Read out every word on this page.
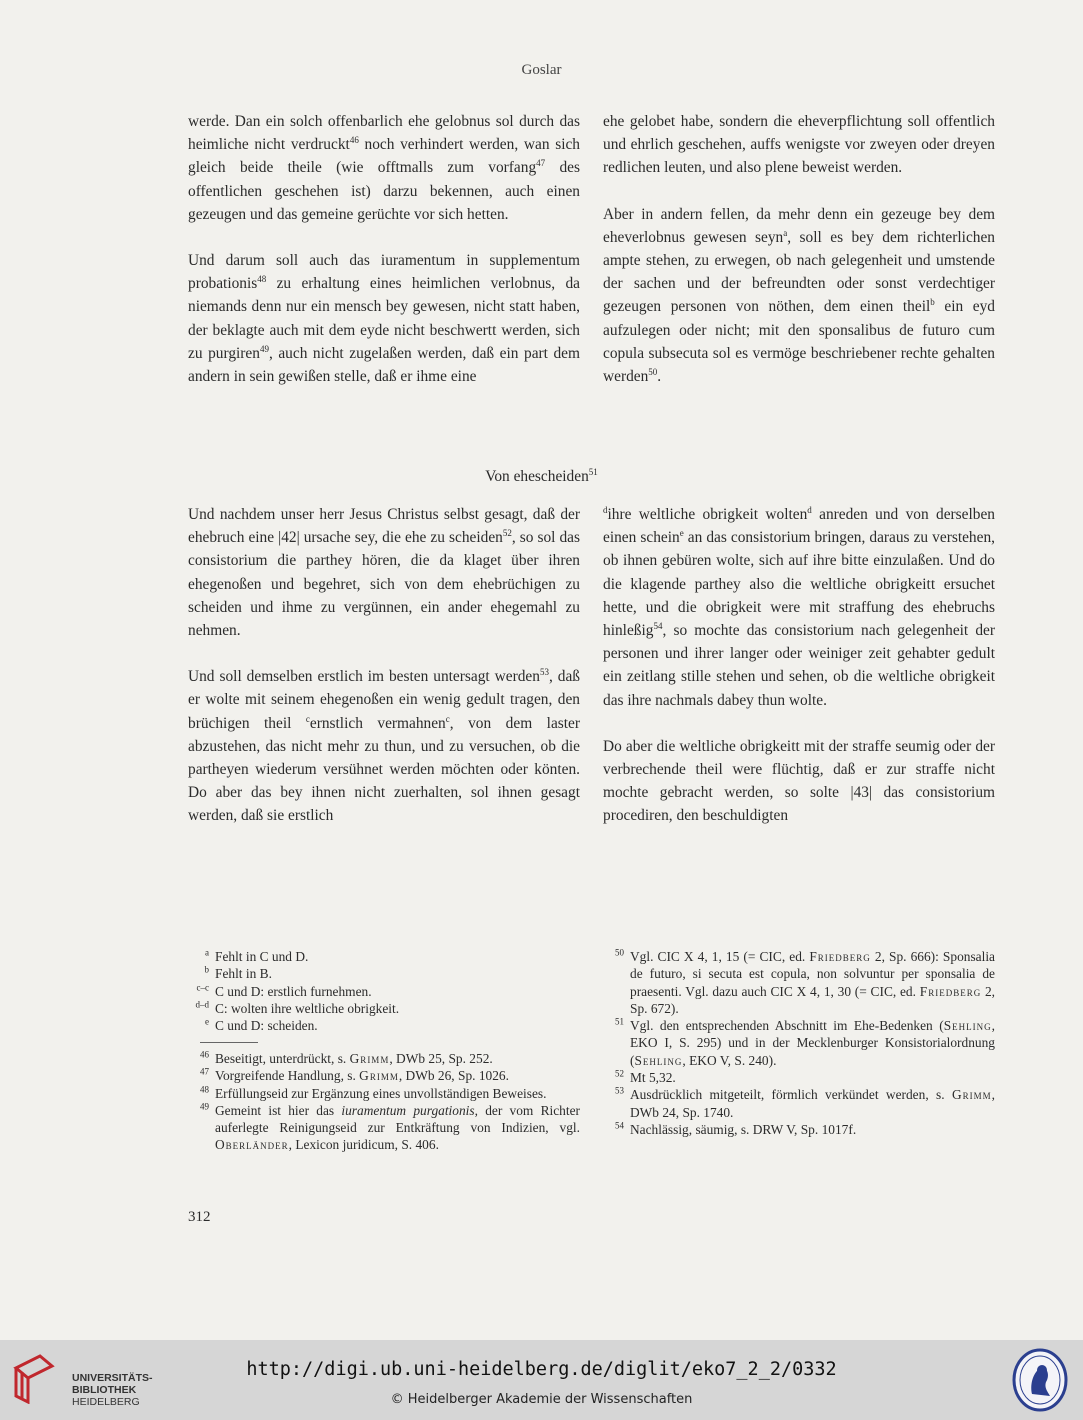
Goslar

werde. Dan ein solch offenbarlich ehe gelobnus sol durch das heimliche nicht verdruckt$^{46}$ noch verhindert werden, wan sich gleich beide theile (wie offtmalls zum vorfang$^{47}$ des offentlichen geschehen ist) darzu bekennen, auch einen gezeugen und das gemeine gerüchte vor sich hetten.

Und darum soll auch das iuramentum in supplementum probationis$^{48}$ zu erhaltung eines heimlichen verlobnus, da niemands denn nur ein mensch bey gewesen, nicht statt haben, der beklagte auch mit dem eyde nicht beschwertt werden, sich zu purgiren$^{49}$, auch nicht zugelaßen werden, daß ein part dem andern in sein gewißen stelle, daß er ihme eine

ehe gelobet habe, sondern die eheverpflichtung soll offentlich und ehrlich geschehen, auffs wenigste vor zweyen oder dreyen redlichen leuten, und also plene beweist werden.

Aber in andern fellen, da mehr denn ein gezeuge bey dem eheverlobnus gewesen seyn$^a$, soll es bey dem richterlichen ampte stehen, zu erwegen, ob nach gelegenheit und umstende der sachen und der befreundten oder sonst verdechtiger gezeugen personen von nöthen, dem einen theil$^b$ ein eyd aufzulegen oder nicht; mit den sponsalibus de futuro cum copula subsecuta sol es vermöge beschriebener rechte gehalten werden$^{50}$.

Von ehescheiden$^{51}$

Und nachdem unser herr Jesus Christus selbst gesagt, daß der ehebruch eine |42| ursache sey, die ehe zu scheiden$^{52}$, so sol das consistorium die parthey hören, die da klaget über ihren ehegenoßen und begehret, sich von dem ehebrüchigen zu scheiden und ihme zu vergünnen, ein ander ehegemahl zu nehmen.

Und soll demselben erstlich im besten untersagt werden$^{53}$, daß er wolte mit seinem ehegenoßen ein wenig gedult tragen, den brüchigen theil $^c$ernstlich vermahnen$^c$, von dem laster abzustehen, das nicht mehr zu thun, und zu versuchen, ob die partheyen wiederum versühnet werden möchten oder könten. Do aber das bey ihnen nicht zuerhalten, sol ihnen gesagt werden, daß sie erstlich

$^d$ihre weltliche obrigkeit wolten$^d$ anreden und von derselben einen schein$^e$ an das consistorium bringen, daraus zu verstehen, ob ihnen gebüren wolte, sich auf ihre bitte einzulaßen. Und do die klagende parthey also die weltliche obrigkeitt ersuchet hette, und die obrigkeit were mit straffung des ehebruchs hinleßig$^{54}$, so mochte das consistorium nach gelegenheit der personen und ihrer langer oder weiniger zeit gehabter gedult ein zeitlang stille stehen und sehen, ob die weltliche obrigkeit das ihre nachmals dabey thun wolte.

Do aber die weltliche obrigkeitt mit der straffe seumig oder der verbrechende theil were flüchtig, daß er zur straffe nicht mochte gebracht werden, so solte |43| das consistorium procediren, den beschuldigten

$^a$ Fehlt in C und D.
$^b$ Fehlt in B.
$^{c-c}$ C und D: erstlich furnehmen.
$^{d-d}$ C: wolten ihre weltliche obrigkeit.
$^e$ C und D: scheiden.
$^{46}$ Beseitigt, unterdrückt, s. Grimm, DWb 25, Sp. 252.
$^{47}$ Vorgreifende Handlung, s. Grimm, DWb 26, Sp. 1026.
$^{48}$ Erfüllungseid zur Ergänzung eines unvollständigen Beweises.
$^{49}$ Gemeint ist hier das iuramentum purgationis, der vom Richter auferlegte Reinigungseid zur Entkräftung von Indizien, vgl. Oberländer, Lexicon juridicum, S. 406.
$^{50}$ Vgl. CIC X 4, 1, 15 (= CIC, ed. Friedberg 2, Sp. 666): Sponsalia de futuro, si secuta est copula, non solvuntur per sponsalia de praesenti. Vgl. dazu auch CIC X 4, 1, 30 (= CIC, ed. Friedberg 2, Sp. 672).
$^{51}$ Vgl. den entsprechenden Abschnitt im Ehe-Bedenken (Sehling, EKO I, S. 295) und in der Mecklenburger Konsistorialordnung (Sehling, EKO V, S. 240).
$^{52}$ Mt 5,32.
$^{53}$ Ausdrücklich mitgeteilt, förmlich verkündet werden, s. Grimm, DWb 24, Sp. 1740.
$^{54}$ Nachlässig, säumig, s. DRW V, Sp. 1017f.
312
UNIVERSITÄTS-
BIBLIOTHEK
HEIDELBERG
http://digi.ub.uni-heidelberg.de/diglit/eko7_2_2/0332
© Heidelberger Akademie der Wissenschaften
